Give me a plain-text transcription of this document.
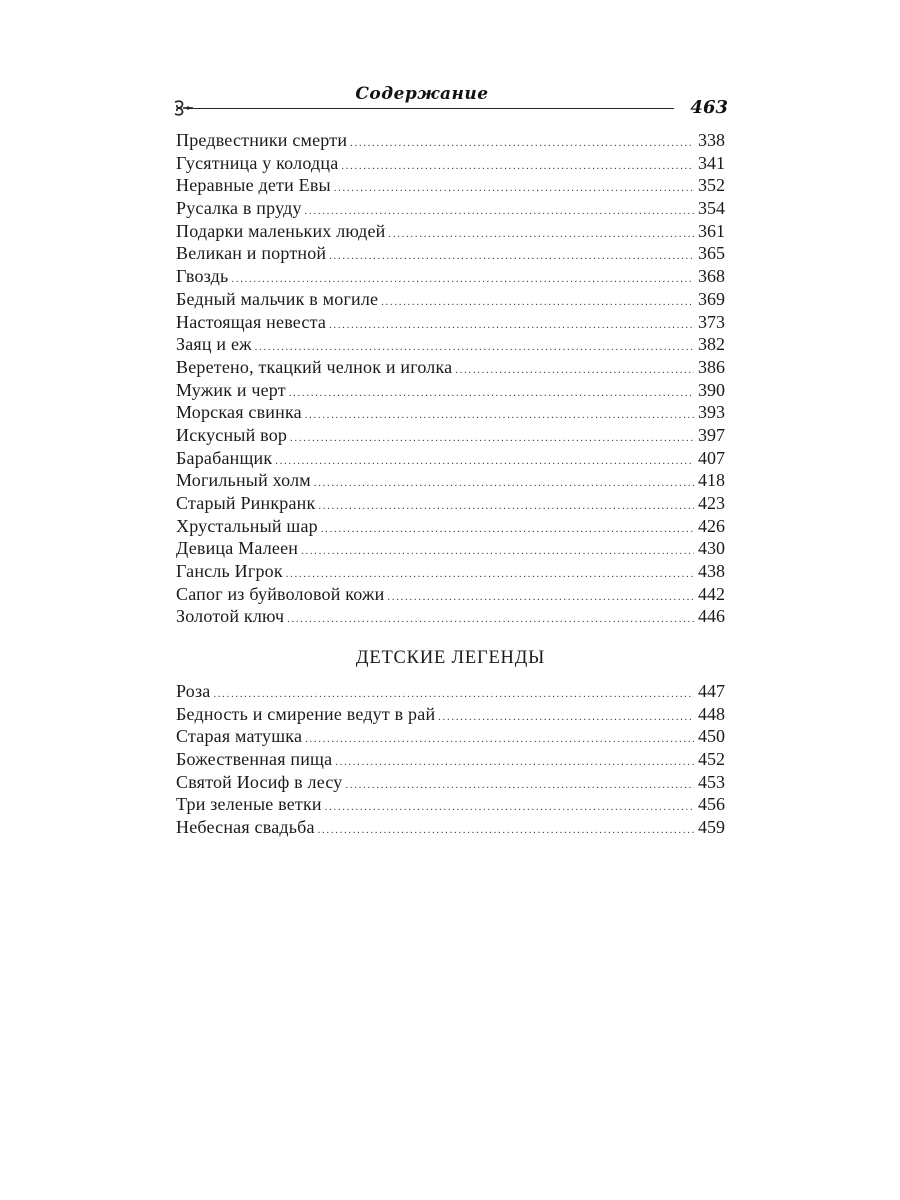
Содержание
463
Предвестники смерти .....	338
Гусятница у колодца .....	341
Неравные дети Евы .....	352
Русалка в пруду .....	354
Подарки маленьких людей .....	361
Великан и портной .....	365
Гвоздь .....	368
Бедный мальчик в могиле .....	369
Настоящая невеста .....	373
Заяц и еж .....	382
Веретено, ткацкий челнок и иголка .....	386
Мужик и черт .....	390
Морская свинка .....	393
Искусный вор .....	397
Барабанщик .....	407
Могильный холм .....	418
Старый Ринкранк .....	423
Хрустальный шар .....	426
Девица Малеен .....	430
Гансль Игрок .....	438
Сапог из буйволовой кожи .....	442
Золотой ключ .....	446
ДЕТСКИЕ ЛЕГЕНДЫ
Роза .....	447
Бедность и смирение ведут в рай .....	448
Старая матушка .....	450
Божественная пища .....	452
Святой Иосиф в лесу .....	453
Три зеленые ветки .....	456
Небесная свадьба .....	459
